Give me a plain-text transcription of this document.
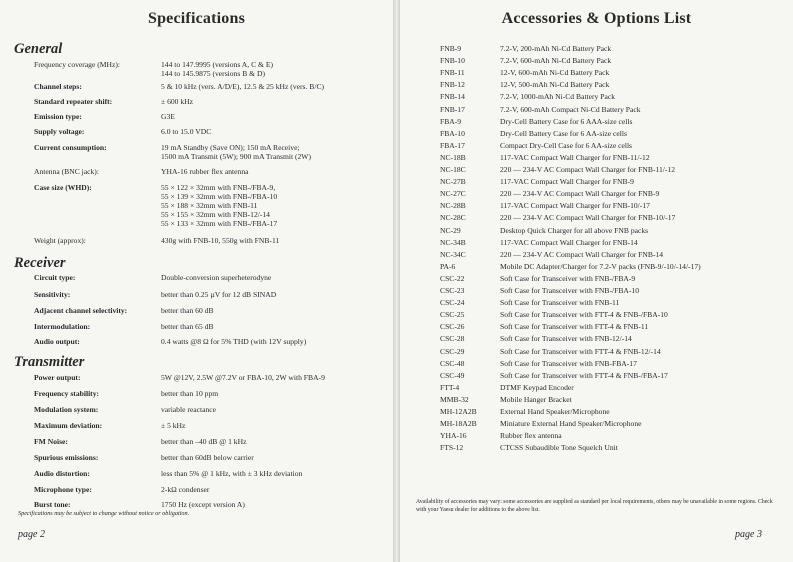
Specifications
General
Frequency coverage (MHz):	144 to 147.9995 (versions A, C & E)
144 to 145.9875 (versions B & D)
Channel steps:	5 & 10 kHz (vers. A/D/E), 12.5 & 25 kHz (vers. B/C)
Standard repeater shift:	± 600 kHz
Emission type:	G3E
Supply voltage:	6.0 to 15.0 VDC
Current consumption:	19 mA Standby (Save ON); 150 mA Receive;
1500 mA Transmit (5W); 900 mA Transmit (2W)
Antenna (BNC jack):	YHA-16 rubber flex antenna
Case size (WHD):	55 × 122 × 32mm with FNB-/FBA-9,
55 × 139 × 32mm with FNB-/FBA-10
55 × 188 × 32mm with FNB-11
55 × 155 × 32mm with FNB-12/-14
55 × 133 × 32mm with FNB-/FBA-17
Weight (approx):	430g with FNB-10, 550g with FNB-11
Receiver
Circuit type:	Double-conversion superheterodyne
Sensitivity:	better than 0.25 µV for 12 dB SINAD
Adjacent channel selectivity:	better than 60 dB
Intermodulation:	better than 65 dB
Audio output:	0.4 watts @8 Ω for 5% THD (with 12V supply)
Transmitter
Power output:	5W @12V, 2.5W @7.2V or FBA-10, 2W with FBA-9
Frequency stability:	better than 10 ppm
Modulation system:	variable reactance
Maximum deviation:	± 5 kHz
FM Noise:	better than –40 dB @ 1 kHz
Spurious emissions:	better than 60dB below carrier
Audio distortion:	less than 5% @ 1 kHz, with ± 3 kHz deviation
Microphone type:	2-kΩ condenser
Burst tone:	1750 Hz (except version A)
Specifications may be subject to change without notice or obligation.
page 2
Accessories & Options List
FNB-9	7.2-V, 200-mAh Ni-Cd Battery Pack
FNB-10	7.2-V, 600-mAh Ni-Cd Battery Pack
FNB-11	12-V, 600-mAh Ni-Cd Battery Pack
FNB-12	12-V, 500-mAh Ni-Cd Battery Pack
FNB-14	7.2-V, 1000-mAh Ni-Cd Battery Pack
FNB-17	7.2-V, 600-mAh Compact Ni-Cd Battery Pack
FBA-9	Dry-Cell Battery Case for 6 AAA-size cells
FBA-10	Dry-Cell Battery Case for 6 AA-size cells
FBA-17	Compact Dry-Cell Case for 6 AA-size cells
NC-18B	117-VAC Compact Wall Charger for FNB-11/-12
NC-18C	220 — 234-V AC Compact Wall Charger for FNB-11/-12
NC-27B	117-VAC Compact Wall Charger for FNB-9
NC-27C	220 — 234-V AC Compact Wall Charger for FNB-9
NC-28B	117-VAC Compact Wall Charger for FNB-10/-17
NC-28C	220 — 234-V AC Compact Wall Charger for FNB-10/-17
NC-29	Desktop Quick Charger for all above FNB packs
NC-34B	117-VAC Compact Wall Charger for FNB-14
NC-34C	220 — 234-V AC Compact Wall Charger for FNB-14
PA-6	Mobile DC Adapter/Charger for 7.2-V packs (FNB-9/-10/-14/-17)
CSC-22	Soft Case for Transceiver with FNB-/FBA-9
CSC-23	Soft Case for Transceiver with FNB-/FBA-10
CSC-24	Soft Case for Transceiver with FNB-11
CSC-25	Soft Case for Transceiver with FTT-4 & FNB-/FBA-10
CSC-26	Soft Case for Transceiver with FTT-4 & FNB-11
CSC-28	Soft Case for Transceiver with FNB-12/-14
CSC-29	Soft Case for Transceiver with FTT-4 & FNB-12/-14
CSC-48	Soft Case for Transceiver with FNB-FBA-17
CSC-49	Soft Case for Transceiver with FTT-4 & FNB-/FBA-17
FTT-4	DTMF Keypad Encoder
MMB-32	Mobile Hanger Bracket
MH-12A2B	External Hand Speaker/Microphone
MH-18A2B	Miniature External Hand Speaker/Microphone
YHA-16	Rubber flex antenna
FTS-12	CTCSS Subaudible Tone Squelch Unit
Availability of accessories may vary: some accessories are supplied as standard per local requirements, others may be unavailable in some regions. Check with your Yaesu dealer for additions to the above list.
page 3
